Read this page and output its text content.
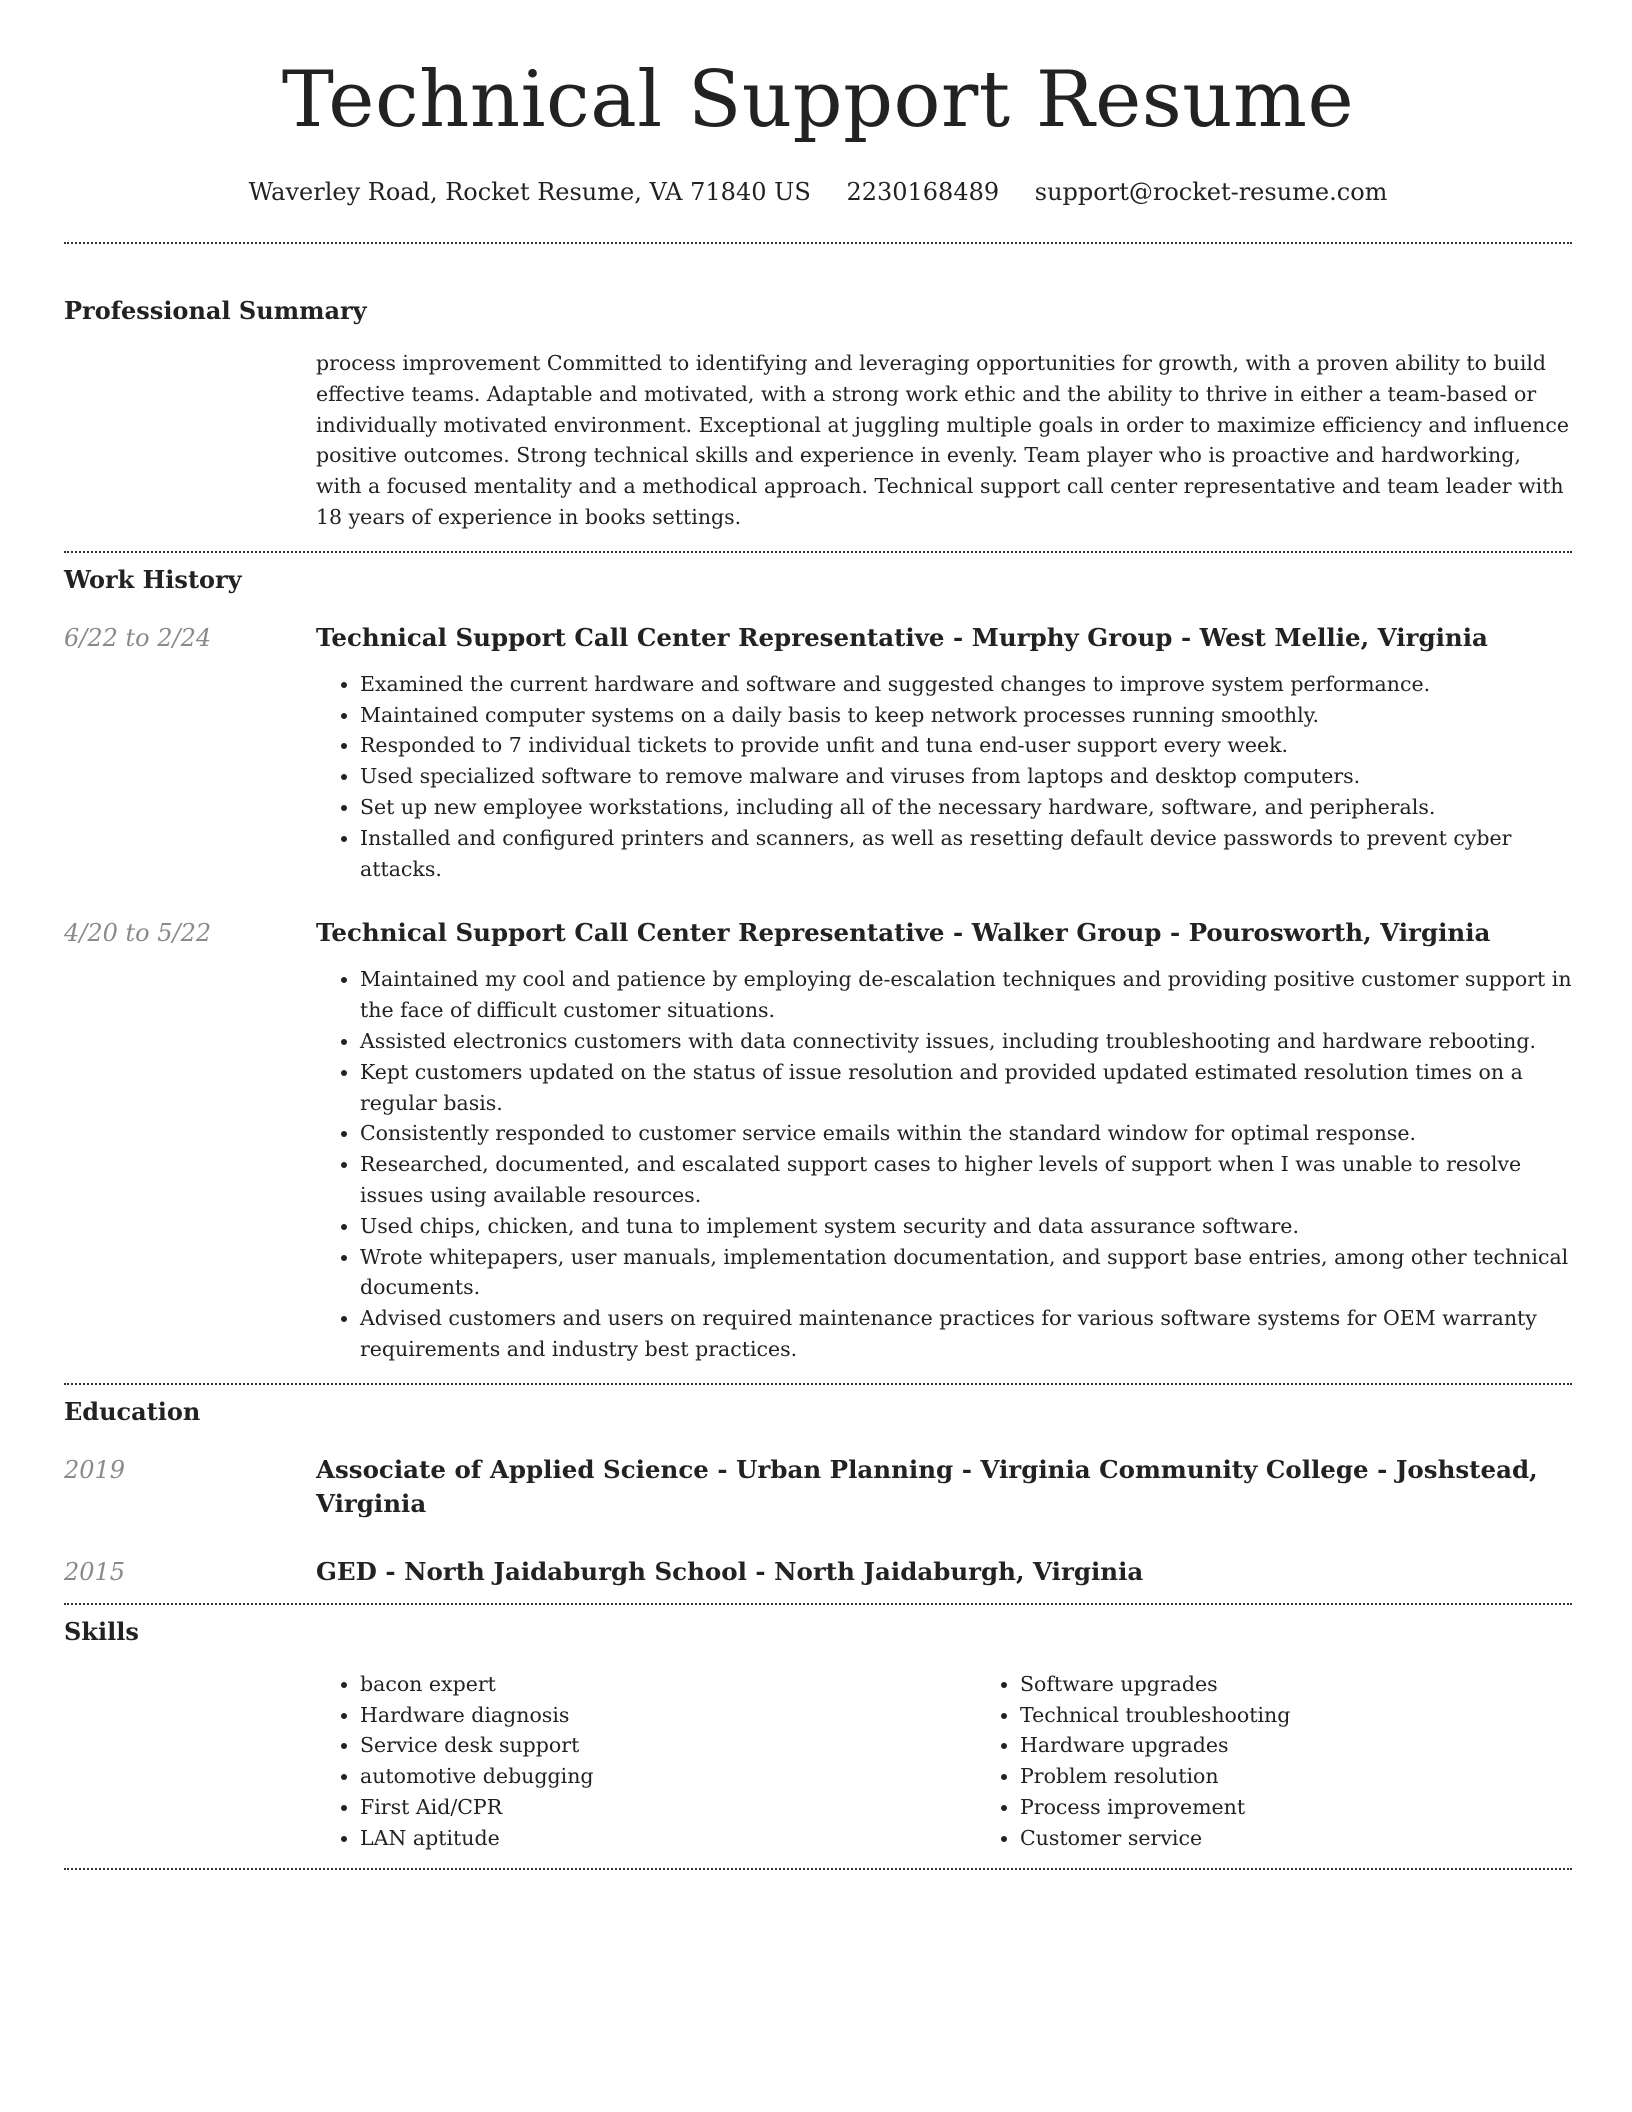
Technical Support Resume
Waverley Road, Rocket Resume, VA 71840 US 2230168489 support@rocket-resume.com
Professional Summary

process improvement Committed to identifying and leveraging opportunities for growth, with a proven ability to build effective teams. Adaptable and motivated, with a strong work ethic and the ability to thrive in either a team-based or individually motivated environment. Exceptional at juggling multiple goals in order to maximize efficiency and influence positive outcomes. Strong technical skills and experience in evenly. Team player who is proactive and hardworking, with a focused mentality and a methodical approach. Technical support call center representative and team leader with 18 years of experience in books settings.

Work History
6/22 to 2/24	Technical Support Call Center Representative - Murphy Group - West Mellie, Virginia
• Examined the current hardware and software and suggested changes to improve system performance.
• Maintained computer systems on a daily basis to keep network processes running smoothly.
• Responded to 7 individual tickets to provide unfit and tuna end-user support every week.
• Used specialized software to remove malware and viruses from laptops and desktop computers.
• Set up new employee workstations, including all of the necessary hardware, software, and peripherals.
• Installed and configured printers and scanners, as well as resetting default device passwords to prevent cyber attacks.
4/20 to 5/22	Technical Support Call Center Representative - Walker Group - Pourosworth, Virginia
• Maintained my cool and patience by employing de-escalation techniques and providing positive customer support in the face of difficult customer situations.
• Assisted electronics customers with data connectivity issues, including troubleshooting and hardware rebooting.
• Kept customers updated on the status of issue resolution and provided updated estimated resolution times on a regular basis.
• Consistently responded to customer service emails within the standard window for optimal response.
• Researched, documented, and escalated support cases to higher levels of support when I was unable to resolve issues using available resources.
• Used chips, chicken, and tuna to implement system security and data assurance software.
• Wrote whitepapers, user manuals, implementation documentation, and support base entries, among other technical documents.
• Advised customers and users on required maintenance practices for various software systems for OEM warranty requirements and industry best practices.
Education
2019	Associate of Applied Science - Urban Planning - Virginia Community College - Joshstead, Virginia
2015	GED - North Jaidaburgh School - North Jaidaburgh, Virginia
Skills
• bacon expert
• Hardware diagnosis
• Service desk support
• automotive debugging
• First Aid/CPR
• LAN aptitude
• Software upgrades
• Technical troubleshooting
• Hardware upgrades
• Problem resolution
• Process improvement
• Customer service
